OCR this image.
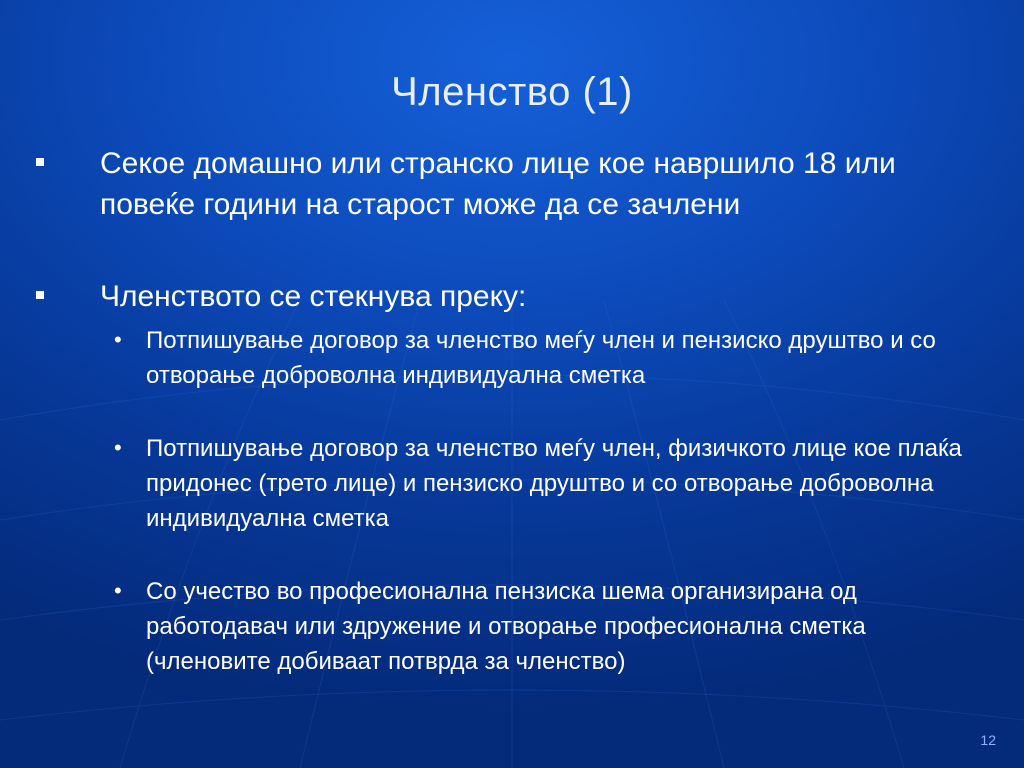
Членство (1)
Секое домашно или странско лице кое навршило 18 или повеќе години на старост може да се зачлени
Членството се стекнува преку:
• Потпишување договор за членство меѓу член и пензиско друштво и со отворање доброволна индивидуална сметка
• Потпишување договор за членство меѓу член, физичкото лице кое плаќа придонес (трето лице) и пензиско друштво и со отворање доброволна индивидуална сметка
• Со учество во професионална пензиска шема организирана од работодавач или здружение и отворање професионална сметка (членовите добиваат потврда за членство)
12
